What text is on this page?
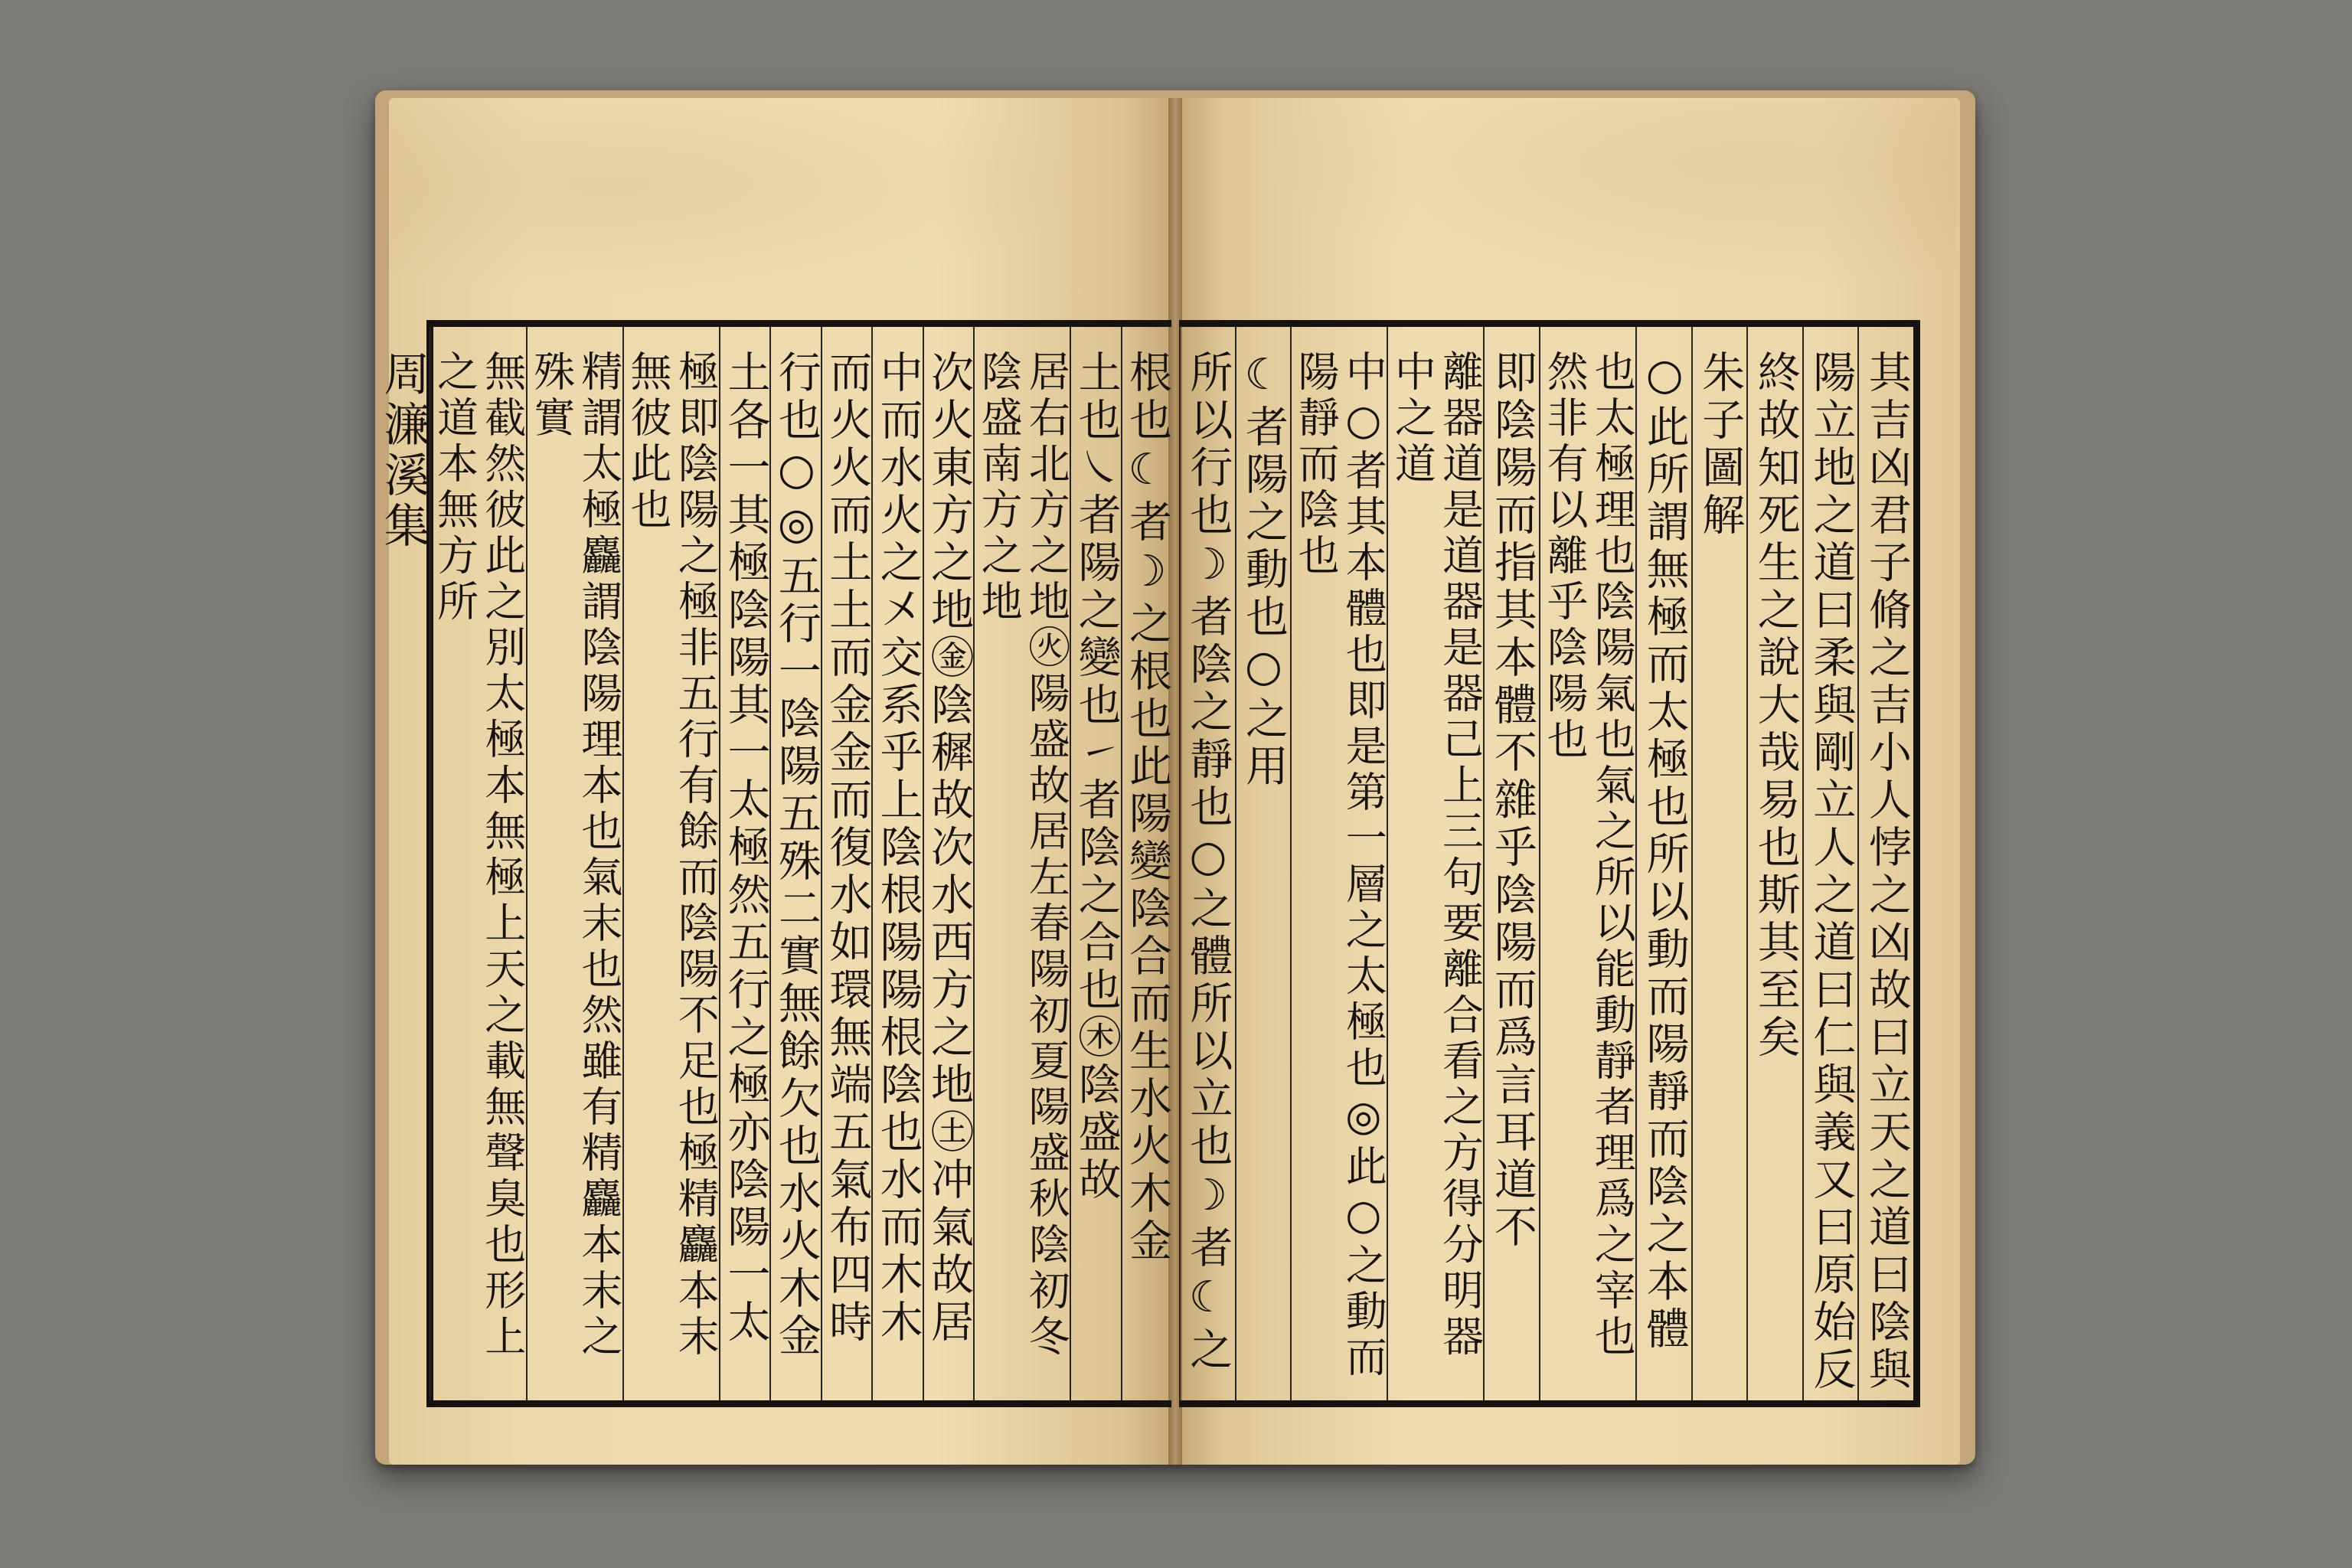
其吉凶君子脩之吉小人悖之凶故曰立天之道曰陰與
陽立地之道曰柔與剛立人之道曰仁與義又曰原始反
終故知死生之說大哉易也斯其至矣
朱子圖解
○此所謂無極而太極也所以動而陽靜而陰之本體
也太極理也陰陽氣也氣之所以能動靜者理爲之宰也然非有以離乎陰陽也
即陰陽而指其本體不雜乎陰陽而爲言耳道不
離器道是道器是器己上三句要離合看之方得分明器中之道
中○者其本體也即是第一層之太極也◎此○之動而陽靜而陰也
☾者陽之動也○之用
所以行也☽者陰之靜也○之體所以立也☽者☾之
根也☾者☽之根也此陽變陰合而生水火木金
土也㇏者陽之變也㇀者陰之合也㊍陰盛故
居右北方之地㊋陽盛故居左春陽初夏陽盛秋陰初冬陰盛南方之地
次火東方之地㊎陰穉故次水西方之地㊏冲氣故居
中而水火之㐅交系乎上陰根陽陽根陰也水而木木
而火火而土土而金金而復水如環無端五氣布四時
行也○◎五行一陰陽五殊二實無餘欠也水火木金
土各一其極陰陽其一太極然五行之極亦陰陽一太
極即陰陽之極非五行有餘而陰陽不足也極精麤本末無彼此也
精謂太極麤謂陰陽理本也氣末也然雖有精麤本末之殊實
無截然彼此之別太極本無極上天之載無聲臭也形上之道本無方所
周濂溪集
